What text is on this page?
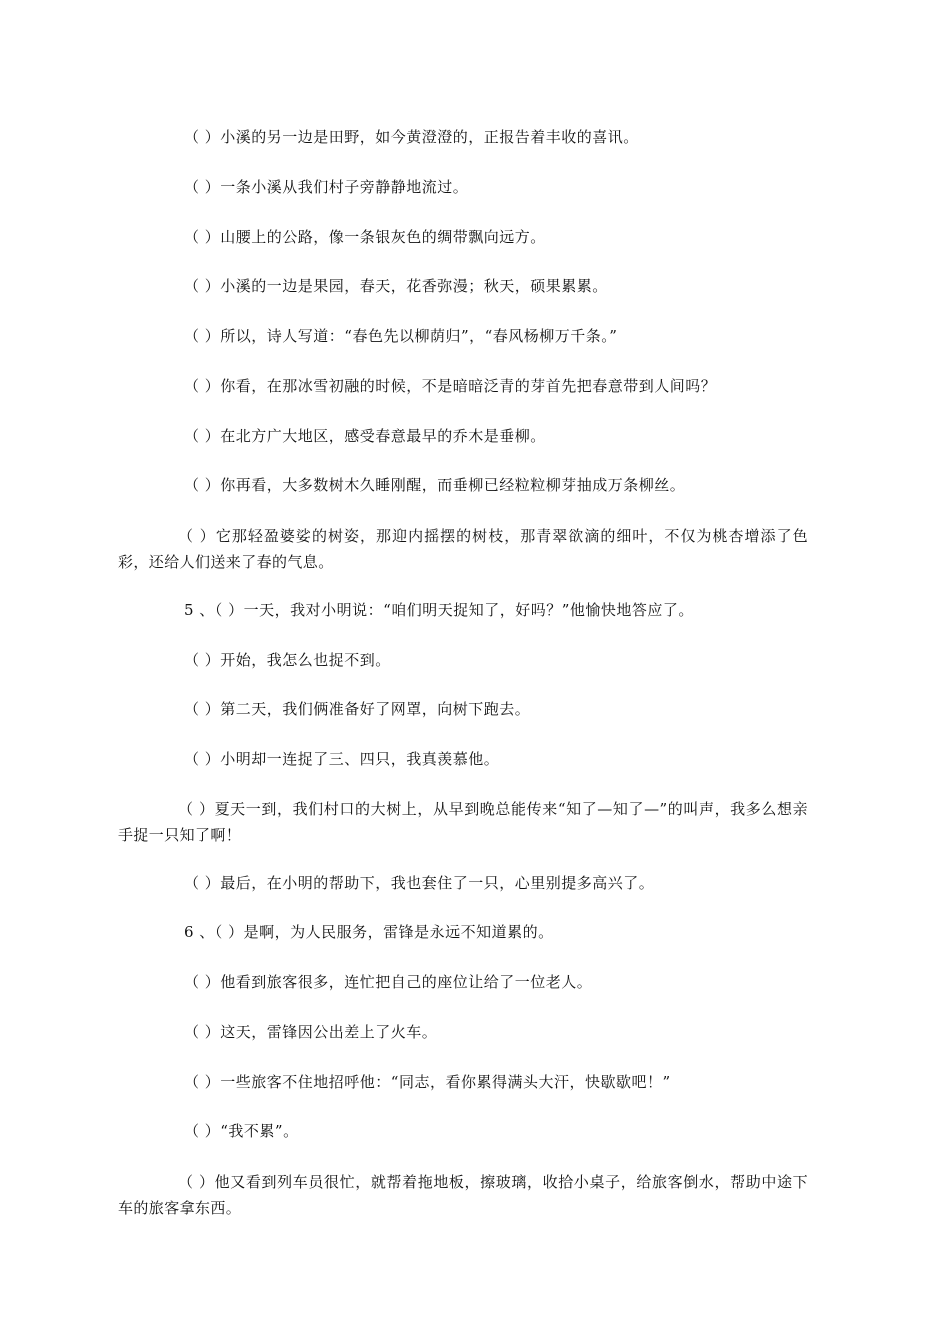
（ ）小溪的另一边是田野，如今黄澄澄的，正报告着丰收的喜讯。
（ ）一条小溪从我们村子旁静静地流过。
（ ）山腰上的公路，像一条银灰色的绸带飘向远方。
（ ）小溪的一边是果园，春天，花香弥漫；秋天，硕果累累。
（ ）所以，诗人写道：“春色先以柳荫归”，“春风杨柳万千条。”
（ ）你看，在那冰雪初融的时候，不是暗暗泛青的芽首先把春意带到人间吗？
（ ）在北方广大地区，感受春意最早的乔木是垂柳。
（ ）你再看，大多数树木久睡刚醒，而垂柳已经粒粒柳芽抽成万条柳丝。
（ ）它那轻盈婆娑的树姿，那迎内摇摆的树枝，那青翠欲滴的细叶，不仅为桃杏增添了色彩，还给人们送来了春的气息。
5 、（ ）一天，我对小明说：“咱们明天捉知了，好吗？”他愉快地答应了。
（ ）开始，我怎么也捉不到。
（ ）第二天，我们俩准备好了网罩，向树下跑去。
（ ）小明却一连捉了三、四只，我真羡慕他。
（ ）夏天一到，我们村口的大树上，从早到晚总能传来“知了—知了—”的叫声，我多么想亲手捉一只知了啊！
（ ）最后，在小明的帮助下，我也套住了一只，心里别提多高兴了。
6 、（ ）是啊，为人民服务，雷锋是永远不知道累的。
（ ）他看到旅客很多，连忙把自己的座位让给了一位老人。
（ ）这天，雷锋因公出差上了火车。
（ ）一些旅客不住地招呼他：“同志，看你累得满头大汗，快歇歇吧！”
（ ）“我不累”。
（ ）他又看到列车员很忙，就帮着拖地板，擦玻璃，收拾小桌子，给旅客倒水，帮助中途下车的旅客拿东西。
